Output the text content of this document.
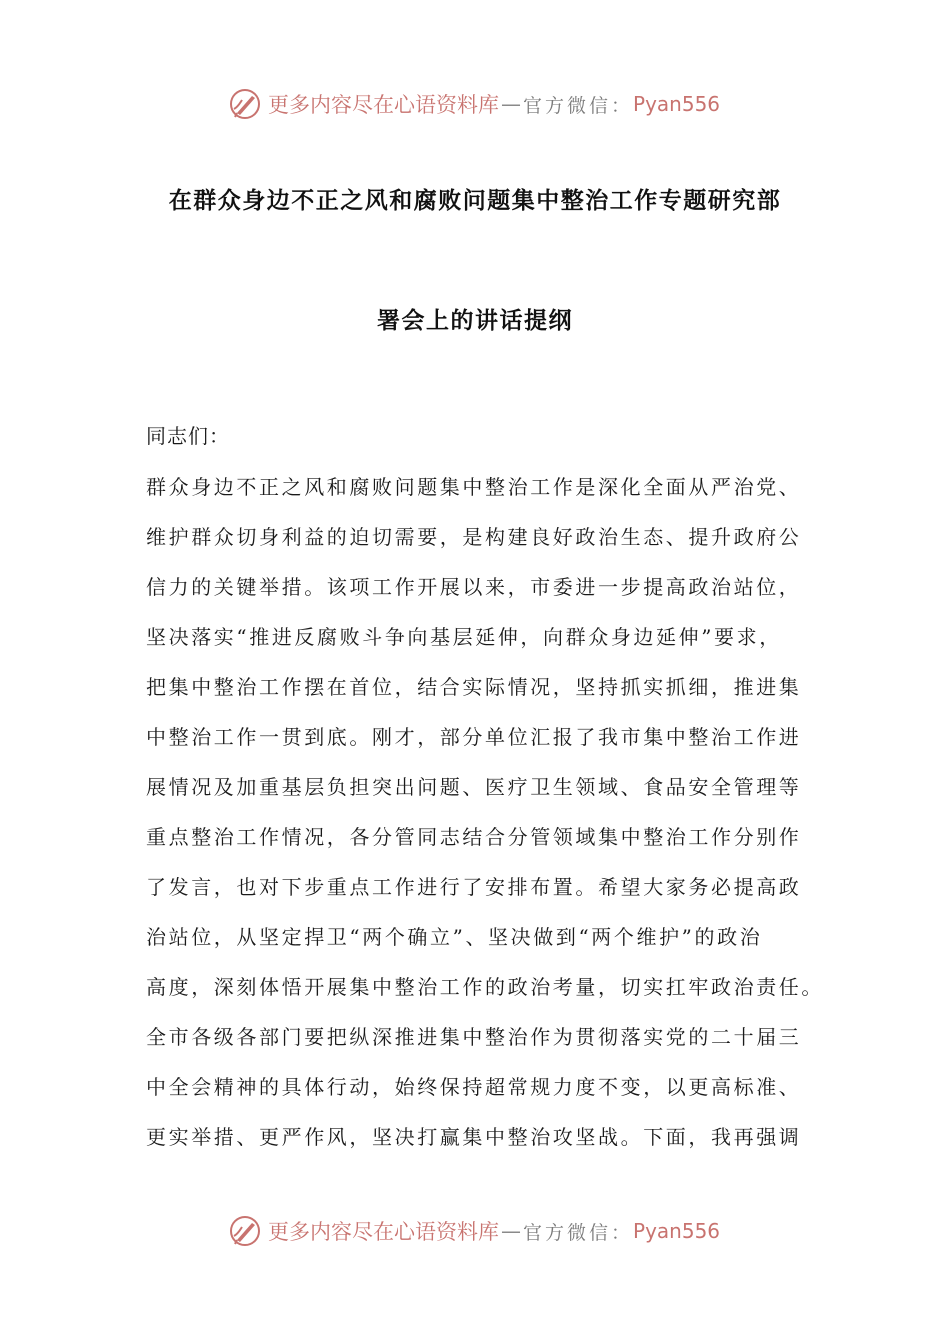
更多内容尽在心语资料库 — 官方微信： Pyan556
在群众身边不正之风和腐败问题集中整治工作专题研究部
署会上的讲话提纲
同志们：
群众身边不正之风和腐败问题集中整治工作是深化全面从严治党、
维护群众切身利益的迫切需要，是构建良好政治生态、提升政府公
信力的关键举措。该项工作开展以来，市委进一步提高政治站位，
坚决落实“推进反腐败斗争向基层延伸，向群众身边延伸”要求，
把集中整治工作摆在首位，结合实际情况，坚持抓实抓细，推进集
中整治工作一贯到底。刚才，部分单位汇报了我市集中整治工作进
展情况及加重基层负担突出问题、医疗卫生领域、食品安全管理等
重点整治工作情况，各分管同志结合分管领域集中整治工作分别作
了发言，也对下步重点工作进行了安排布置。希望大家务必提高政
治站位，从坚定捍卫“两个确立”、坚决做到“两个维护”的政治
高度，深刻体悟开展集中整治工作的政治考量，切实扛牢政治责任。
全市各级各部门要把纵深推进集中整治作为贯彻落实党的二十届三
中全会精神的具体行动，始终保持超常规力度不变，以更高标准、
更实举措、更严作风，坚决打赢集中整治攻坚战。下面，我再强调
更多内容尽在心语资料库 — 官方微信： Pyan556
